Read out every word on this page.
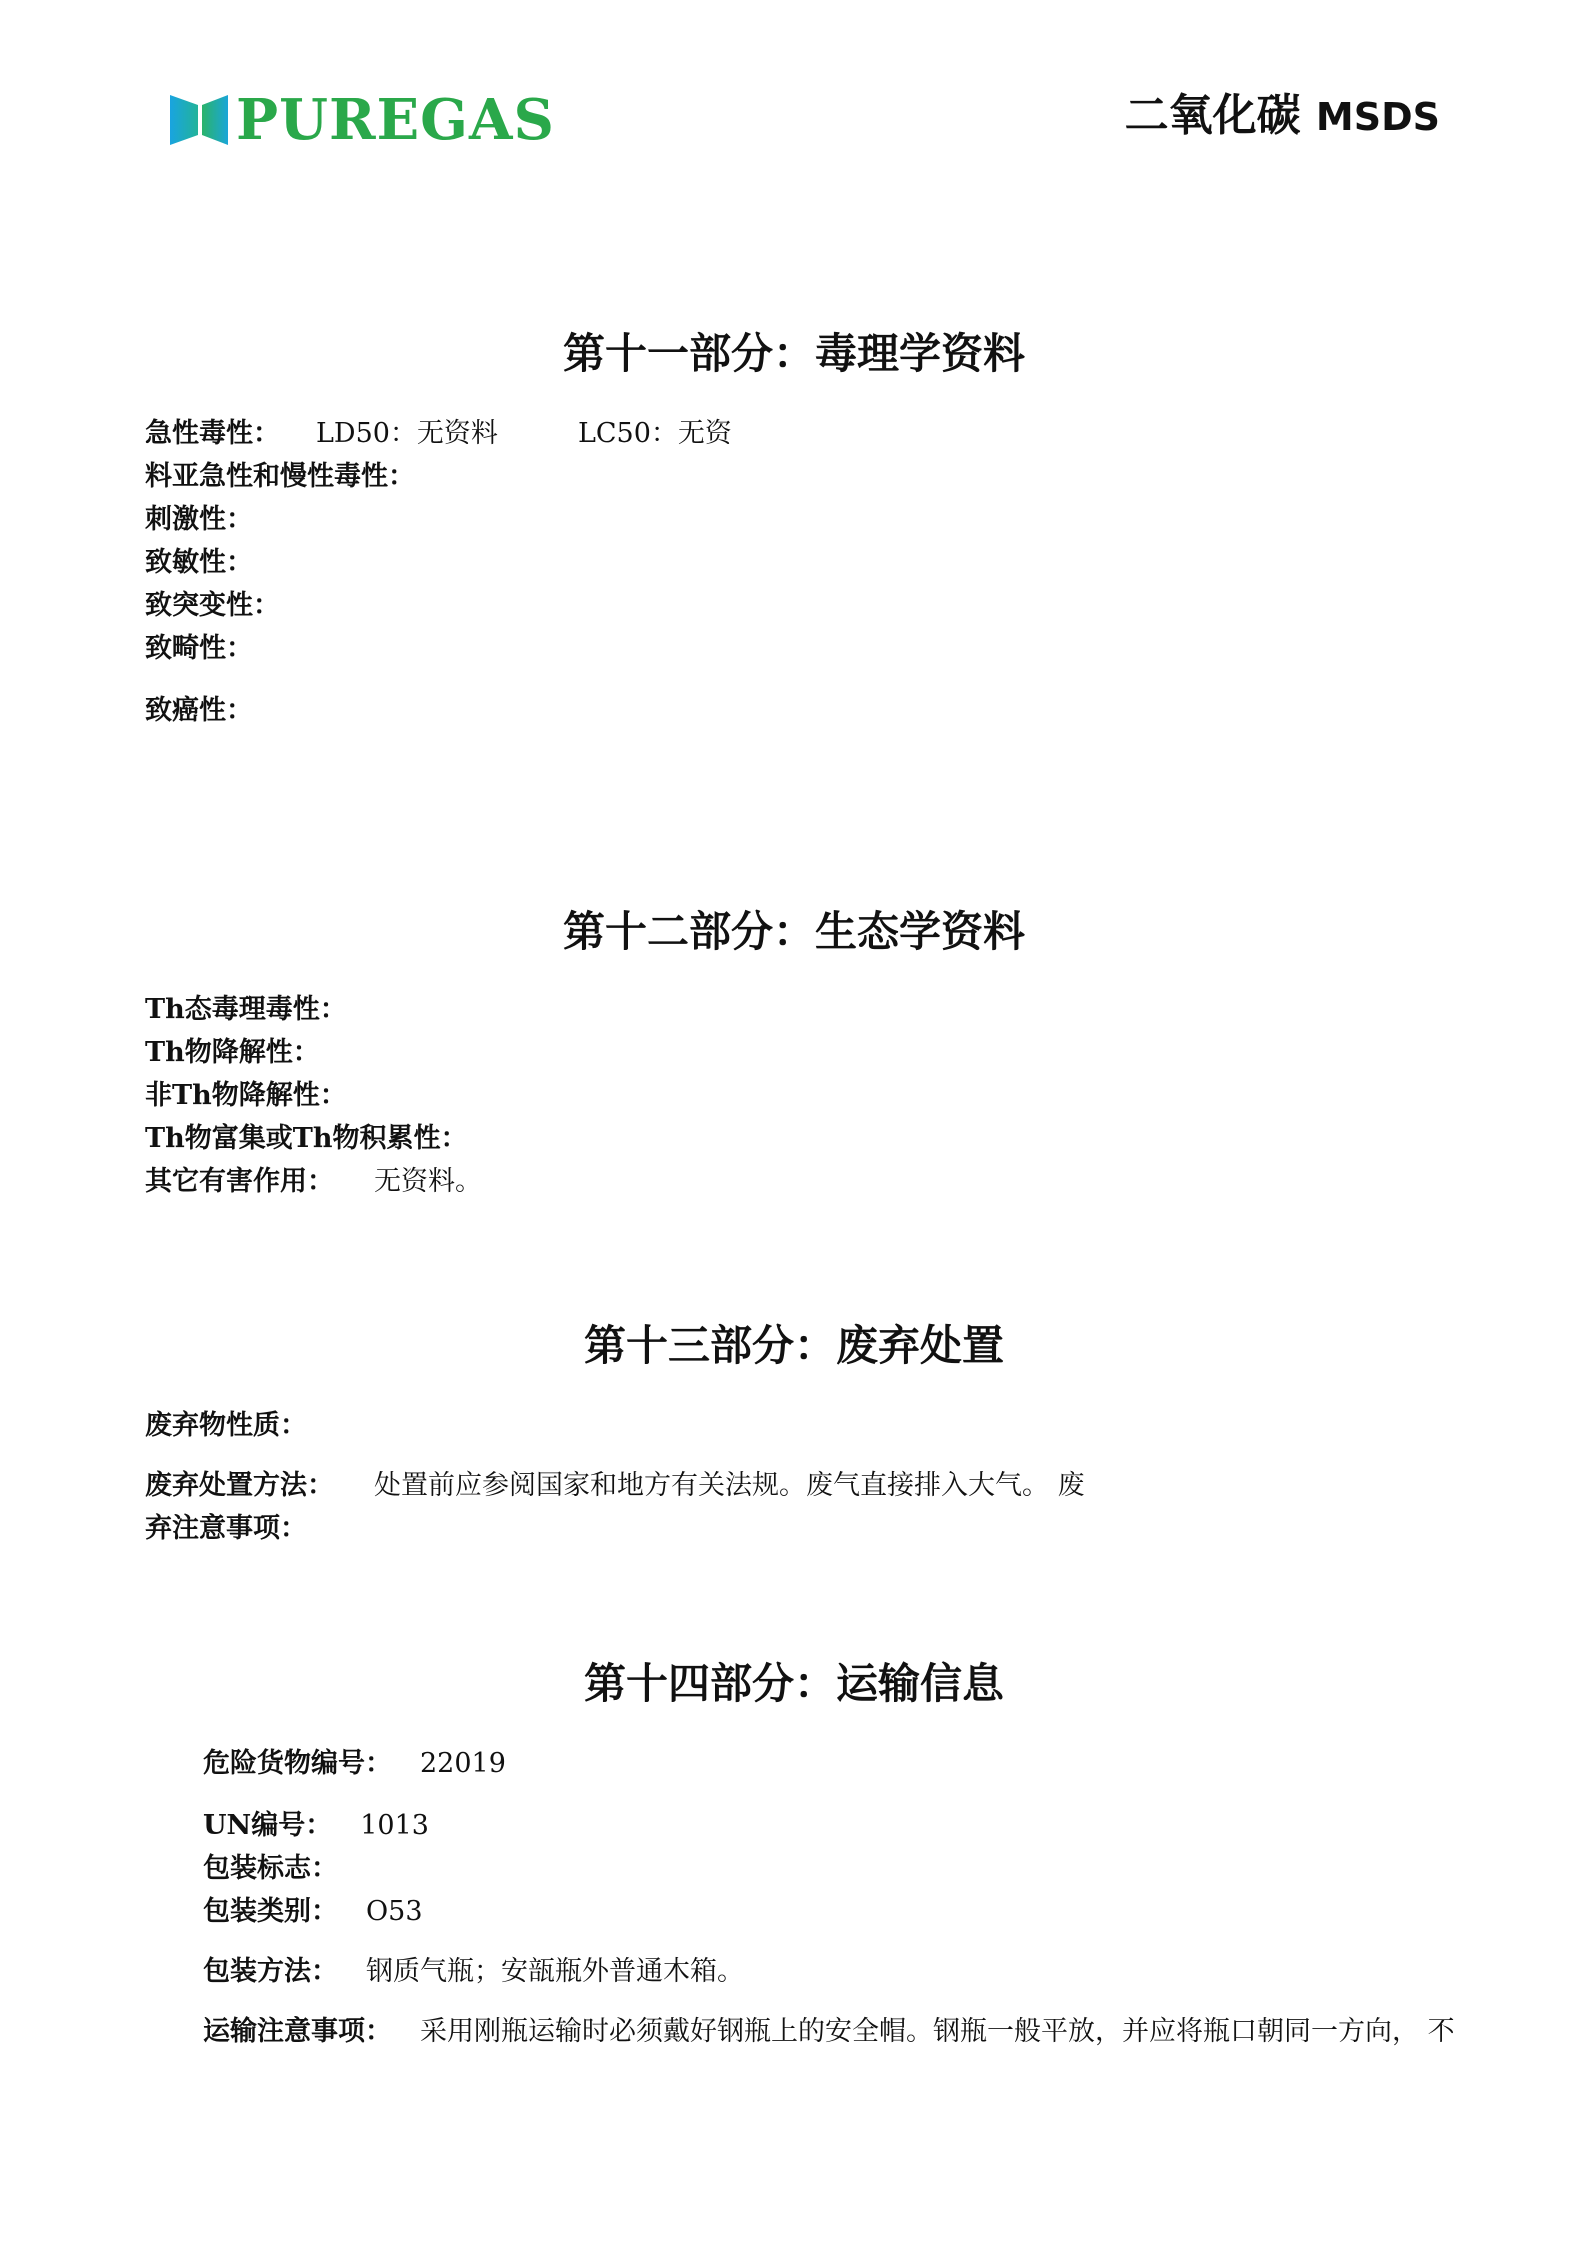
PUREGAS	二氧化碳 MSDS
第十一部分：毒理学资料
急性毒性： LD50：无资料	LC50：无资
料亚急性和慢性毒性：
刺激性：
致敏性：
致突变性：
致畸性：
致癌性：
第十二部分：生态学资料
Th态毒理毒性：
Th物降解性：
非Th物降解性：
Th物富集或Th物积累性：
其它有害作用： 无资料。
第十三部分：废弃处置
废弃物性质：
废弃处置方法： 处置前应参阅国家和地方有关法规。废气直接排入大气。 废
弃注意事项：
第十四部分：运输信息
危险货物编号： 22019
UN编号： 1013
包装标志：
包装类别： O53
包装方法： 钢质气瓶；安瓿瓶外普通木箱。
运输注意事项： 采用刚瓶运输时必须戴好钢瓶上的安全帽。钢瓶一般平放，并应将瓶口朝同一方向， 不
